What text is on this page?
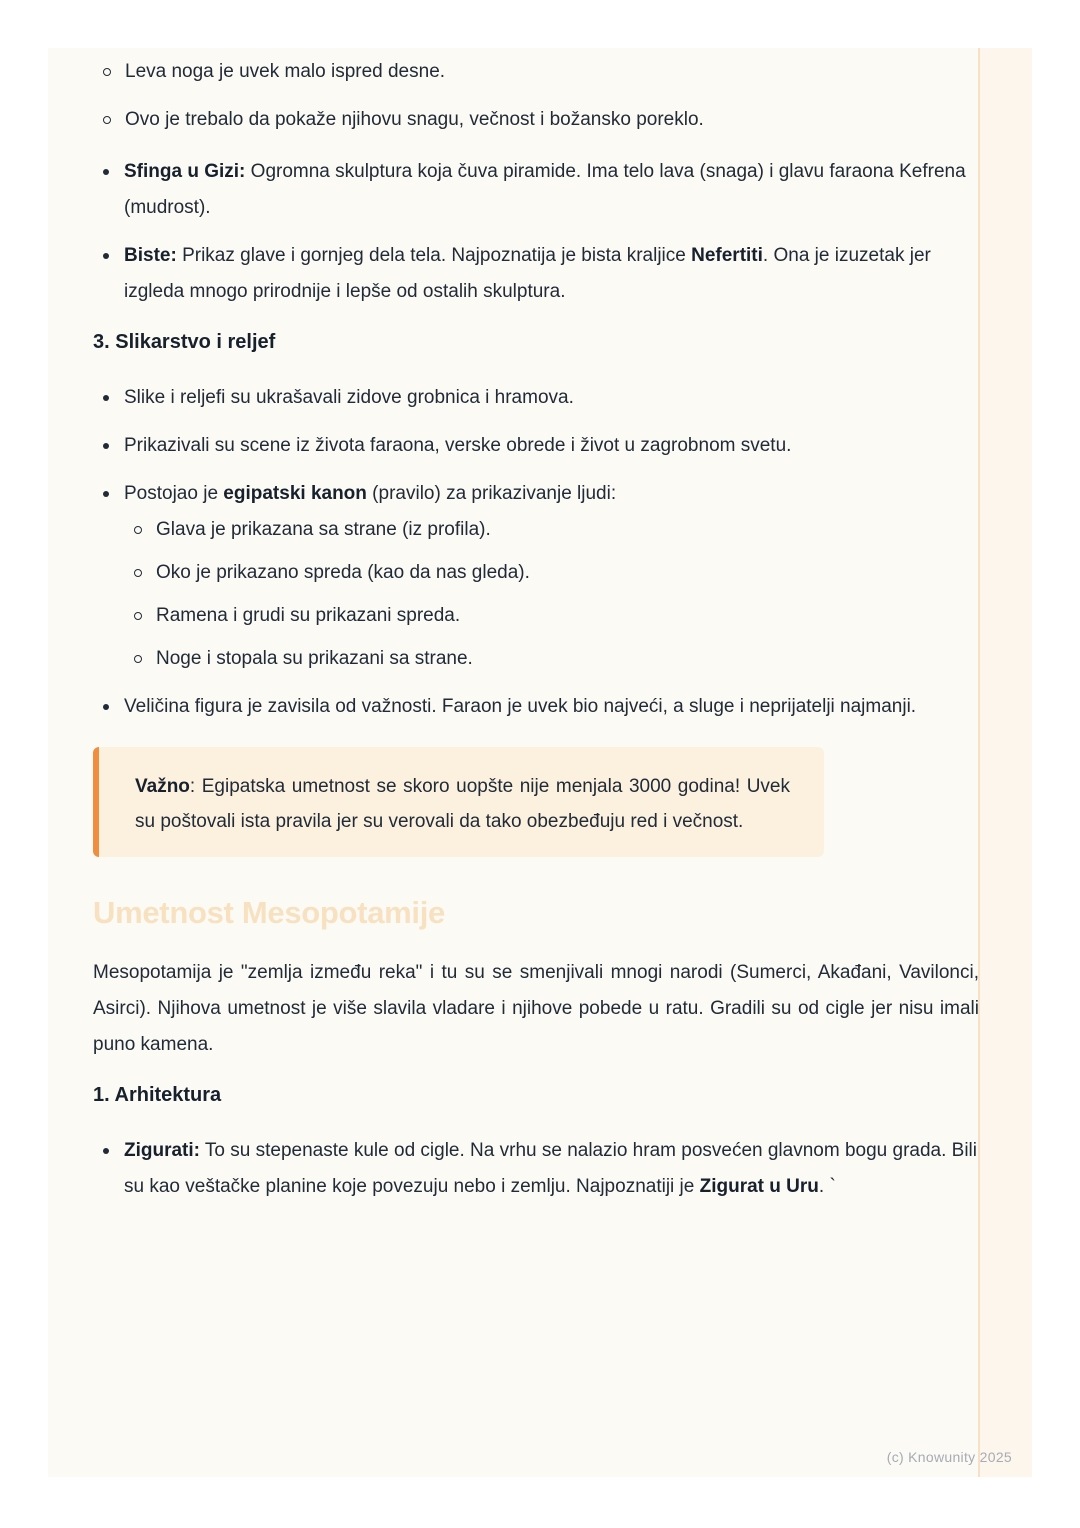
Leva noga je uvek malo ispred desne.
Ovo je trebalo da pokaže njihovu snagu, večnost i božansko poreklo.
Sfinga u Gizi: Ogromna skulptura koja čuva piramide. Ima telo lava (snaga) i glavu faraona Kefrena (mudrost).
Biste: Prikaz glave i gornjeg dela tela. Najpoznatija je bista kraljice Nefertiti. Ona je izuzetak jer izgleda mnogo prirodnije i lepše od ostalih skulptura.
3. Slikarstvo i reljef
Slike i reljefi su ukrašavali zidove grobnica i hramova.
Prikazivali su scene iz života faraona, verske obrede i život u zagrobnom svetu.
Postojao je egipatski kanon (pravilo) za prikazivanje ljudi:
Glava je prikazana sa strane (iz profila).
Oko je prikazano spreda (kao da nas gleda).
Ramena i grudi su prikazani spreda.
Noge i stopala su prikazani sa strane.
Veličina figura je zavisila od važnosti. Faraon je uvek bio najveći, a sluge i neprijatelji najmanji.

Važno: Egipatska umetnost se skoro uopšte nije menjala 3000 godina! Uvek su poštovali ista pravila jer su verovali da tako obezbeđuju red i večnost.

Umetnost Mesopotamije

Mesopotamija je "zemlja između reka" i tu su se smenjivali mnogi narodi (Sumerci, Akađani, Vavilonci, Asirci). Njihova umetnost je više slavila vladare i njihove pobede u ratu. Gradili su od cigle jer nisu imali puno kamena.

1. Arhitektura
Zigurati: To su stepenaste kule od cigle. Na vrhu se nalazio hram posvećen glavnom bogu grada. Bili su kao veštačke planine koje povezuju nebo i zemlju. Najpoznatiji je Zigurat u Uru. `
(c) Knowunity 2025
